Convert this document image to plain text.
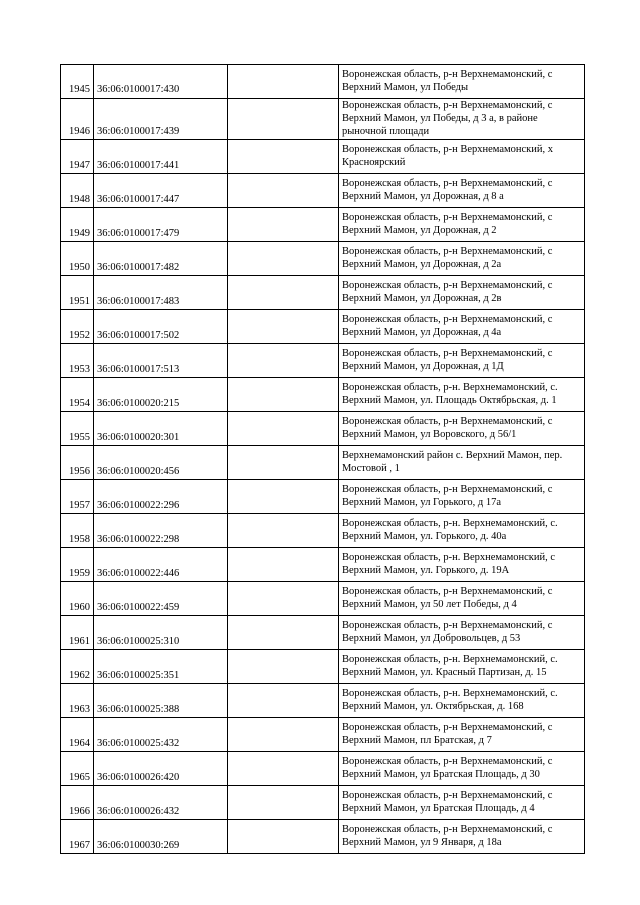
1945	36:06:0100017:430		Воронежская область, р-н Верхнемамонский, с Верхний Мамон, ул Победы
1946	36:06:0100017:439		Воронежская область, р-н Верхнемамонский, с Верхний Мамон, ул Победы, д 3 а, в районе рыночной площади
1947	36:06:0100017:441		Воронежская область, р-н Верхнемамонский, х Красноярский
1948	36:06:0100017:447		Воронежская область, р-н Верхнемамонский, с Верхний Мамон, ул Дорожная, д 8 а
1949	36:06:0100017:479		Воронежская область, р-н Верхнемамонский, с Верхний Мамон, ул Дорожная, д 2
1950	36:06:0100017:482		Воронежская область, р-н Верхнемамонский, с Верхний Мамон, ул Дорожная, д 2а
1951	36:06:0100017:483		Воронежская область, р-н Верхнемамонский, с Верхний Мамон, ул Дорожная, д 2в
1952	36:06:0100017:502		Воронежская область, р-н Верхнемамонский, с Верхний Мамон, ул Дорожная, д 4а
1953	36:06:0100017:513		Воронежская область, р-н Верхнемамонский, с Верхний Мамон, ул Дорожная, д 1Д
1954	36:06:0100020:215		Воронежская область, р-н. Верхнемамонский, с. Верхний Мамон, ул. Площадь Октябрьская, д. 1
1955	36:06:0100020:301		Воронежская область, р-н Верхнемамонский, с Верхний Мамон, ул Воровского, д 56/1
1956	36:06:0100020:456		Верхнемамонский район с. Верхний Мамон, пер. Мостовой , 1
1957	36:06:0100022:296		Воронежская область, р-н Верхнемамонский, с Верхний Мамон, ул Горького, д 17а
1958	36:06:0100022:298		Воронежская область, р-н. Верхнемамонский, с. Верхний Мамон, ул. Горького, д. 40а
1959	36:06:0100022:446		Воронежская область, р-н. Верхнемамонский, с Верхний Мамон, ул. Горького, д. 19А
1960	36:06:0100022:459		Воронежская область, р-н Верхнемамонский, с Верхний Мамон, ул 50 лет Победы, д 4
1961	36:06:0100025:310		Воронежская область, р-н Верхнемамонский, с Верхний Мамон, ул Добровольцев, д 53
1962	36:06:0100025:351		Воронежская область, р-н. Верхнемамонский, с. Верхний Мамон, ул. Красный Партизан, д. 15
1963	36:06:0100025:388		Воронежская область, р-н. Верхнемамонский, с. Верхний Мамон, ул. Октябрьская, д. 168
1964	36:06:0100025:432		Воронежская область, р-н Верхнемамонский, с Верхний Мамон, пл Братская, д 7
1965	36:06:0100026:420		Воронежская область, р-н Верхнемамонский, с Верхний Мамон, ул Братская Площадь, д 30
1966	36:06:0100026:432		Воронежская область, р-н Верхнемамонский, с Верхний Мамон, ул Братская Площадь, д 4
1967	36:06:0100030:269		Воронежская область, р-н Верхнемамонский, с Верхний Мамон, ул 9 Января, д 18а
